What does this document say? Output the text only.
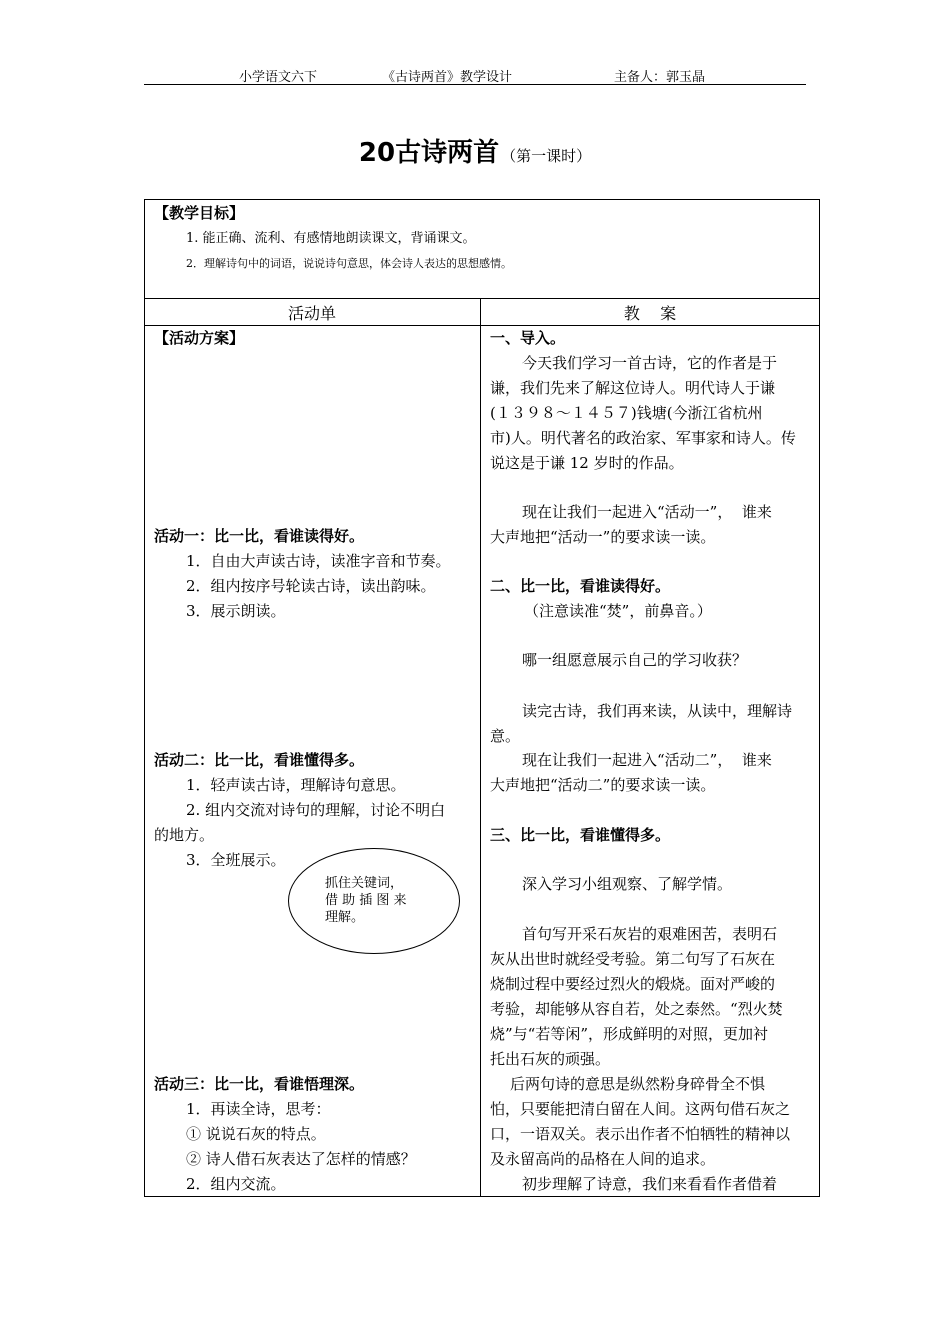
小学语文六下	《古诗两首》教学设计	主备人：郭玉晶
20古诗两首 （第一课时）
【教学目标】
1. 能正确、流利、有感情地朗读课文，背诵课文。
2．理解诗句中的词语，说说诗句意思，体会诗人表达的思想感情。
活动单	教    案
【活动方案】
活动一：比一比，看谁读得好。
1．自由大声读古诗，读准字音和节奏。
2．组内按序号轮读古诗，读出韵味。
3．展示朗读。
活动二：比一比，看谁懂得多。
1．轻声读古诗，理解诗句意思。
2. 组内交流对诗句的理解，讨论不明白
的地方。
3．全班展示。
抓住关键词，
借 助 插 图 来
理解。
活动三：比一比，看谁悟理深。
1．再读全诗，思考：
① 说说石灰的特点。
② 诗人借石灰表达了怎样的情感？
2．组内交流。
一、导入。
今天我们学习一首古诗，它的作者是于
谦，我们先来了解这位诗人。明代诗人于谦
(１３９８～１４５７)钱塘(今浙江省杭州
市)人。明代著名的政治家、军事家和诗人。传
说这是于谦 12 岁时的作品。
现在让我们一起进入“活动一”，  谁来
大声地把“活动一”的要求读一读。
二、比一比，看谁读得好。
（注意读准“焚”，前鼻音。）
哪一组愿意展示自己的学习收获？
读完古诗，我们再来读，从读中，理解诗
意。
现在让我们一起进入“活动二”，  谁来
大声地把“活动二”的要求读一读。
三、比一比，看谁懂得多。
深入学习小组观察、了解学情。
首句写开采石灰岩的艰难困苦，表明石
灰从出世时就经受考验。第二句写了石灰在
烧制过程中要经过烈火的煅烧。面对严峻的
考验，却能够从容自若，处之泰然。“烈火焚
烧”与“若等闲”，形成鲜明的对照，更加衬
托出石灰的顽强。
后两句诗的意思是纵然粉身碎骨全不惧
怕，只要能把清白留在人间。这两句借石灰之
口，一语双关。表示出作者不怕牺牲的精神以
及永留高尚的品格在人间的追求。
初步理解了诗意，我们来看看作者借着
